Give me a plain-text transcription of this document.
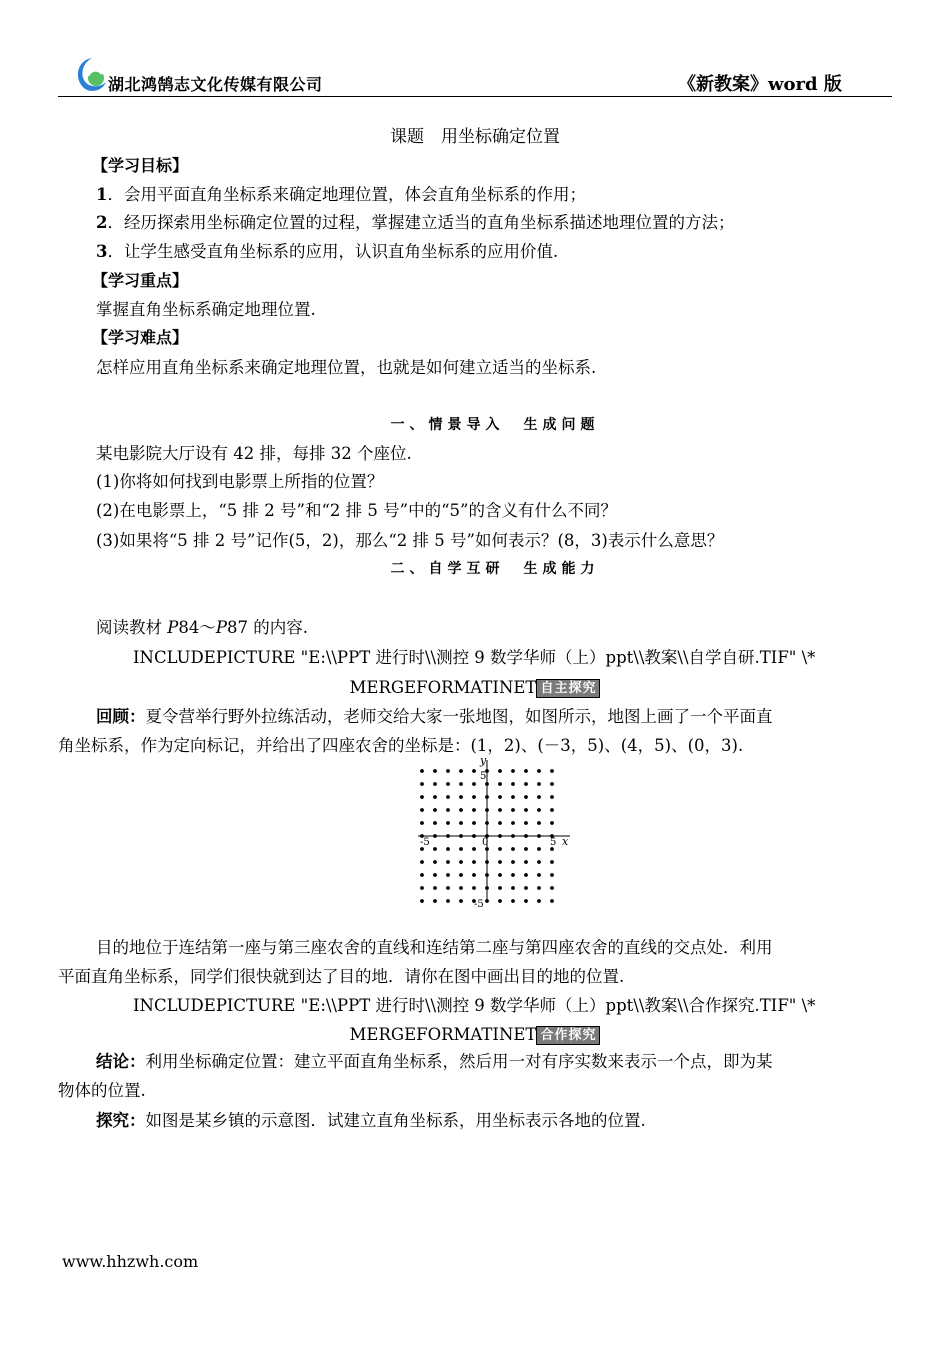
湖北鸿鹄志文化传媒有限公司	《新教案》word 版
课题　用坐标确定位置
【学习目标】
1．会用平面直角坐标系来确定地理位置，体会直角坐标系的作用；
2．经历探索用坐标确定位置的过程，掌握建立适当的直角坐标系描述地理位置的方法；
3．让学生感受直角坐标系的应用，认识直角坐标系的应用价值.
【学习重点】
掌握直角坐标系确定地理位置.
【学习难点】
怎样应用直角坐标系来确定地理位置，也就是如何建立适当的坐标系.
一、情景导入　生成问题
某电影院大厅设有 42 排，每排 32 个座位.
(1)你将如何找到电影票上所指的位置？
(2)在电影票上，“5 排 2 号”和“2 排 5 号”中的“5”的含义有什么不同？
(3)如果将“5 排 2 号”记作(5，2)，那么“2 排 5 号”如何表示？(8，3)表示什么意思？
二、自学互研　生成能力
阅读教材 P84～P87 的内容.
INCLUDEPICTURE "E:\\PPT 进行时\\测控 9 数学华师（上）ppt\\教案\\自学自研.TIF" \*
MERGEFORMATINET 自主探究
回顾：夏令营举行野外拉练活动，老师交给大家一张地图，如图所示，地图上画了一个平面直
角坐标系，作为定向标记，并给出了四座农舍的坐标是：(1，2)、(－3，5)、(4，5)、(0，3).
y
x
5
-5
-5	5
0
目的地位于连结第一座与第三座农舍的直线和连结第二座与第四座农舍的直线的交点处．利用
平面直角坐标系，同学们很快就到达了目的地．请你在图中画出目的地的位置.
INCLUDEPICTURE "E:\\PPT 进行时\\测控 9 数学华师（上）ppt\\教案\\合作探究.TIF" \*
MERGEFORMATINET 合作探究
结论：利用坐标确定位置：建立平面直角坐标系，然后用一对有序实数来表示一个点，即为某
物体的位置.
探究：如图是某乡镇的示意图．试建立直角坐标系，用坐标表示各地的位置.
www.hhzwh.com
